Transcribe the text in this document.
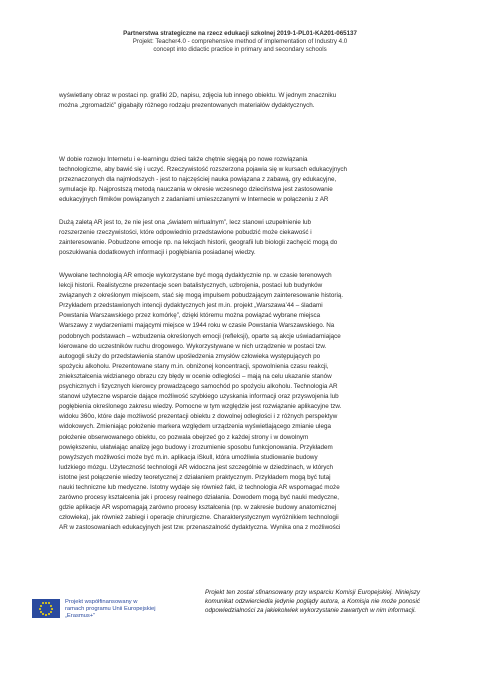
Partnerstwa strategiczne na rzecz edukacji szkolnej 2019-1-PL01-KA201-065137
Projekt: Teacher4.0 - comprehensive method of implementation of Industry 4.0
concept into didactic practice in primary and secondary schools

wyświetlany obraz w postaci np. grafiki 2D, napisu, zdjęcia lub innego obiektu. W jednym znaczniku

można „zgromadzić” gigabajty różnego rodzaju prezentowanych materiałów dydaktycznych.

W dobie rozwoju Internetu i e-learningu dzieci także chętnie sięgają po nowe rozwiązania

technologiczne, aby bawić się i uczyć. Rzeczywistość rozszerzona pojawia się w kursach edukacyjnych

przeznaczonych dla najmłodszych - jest to najczęściej nauka powiązana z zabawą, gry edukacyjne,

symulacje itp. Najprostszą metodą nauczania w okresie wczesnego dzieciństwa jest zastosowanie

edukacyjnych filmików powiązanych z zadaniami umieszczanymi w Internecie w połączeniu z AR

Dużą zaletą AR jest to, że nie jest ona „światem wirtualnym”, lecz stanowi uzupełnienie lub

rozszerzenie rzeczywistości, które odpowiednio przedstawione pobudzić może ciekawość i

zainteresowanie. Pobudzone emocje np. na lekcjach historii, geografii lub biologii zachęcić mogą do

poszukiwania dodatkowych informacji i pogłębiania posiadanej wiedzy.

Wywołane technologią AR emocje wykorzystane być mogą dydaktycznie np. w czasie terenowych

lekcji historii. Realistyczne prezentacje scen batalistycznych, uzbrojenia, postaci lub budynków

związanych z określonym miejscem, stać się mogą impulsem pobudzającym zainteresowanie historią.

Przykładem przedstawionych intencji dydaktycznych jest m.in. projekt „Warszawa’44 – śladami

Powstania Warszawskiego przez komórkę”, dzięki któremu można powiązać wybrane miejsca

Warszawy z wydarzeniami mającymi miejsce w 1944 roku w czasie Powstania Warszawskiego. Na

podobnych podstawach – wzbudzenia określonych emocji (refleksji), oparte są akcje uświadamiające

kierowane do uczestników ruchu drogowego. Wykorzystywane w nich urządzenie w postaci tzw.

autogogli służy do przedstawienia stanów upośledzenia zmysłów człowieka występujących po

spożyciu alkoholu. Prezentowane stany m.in. obniżonej koncentracji, spowolnienia czasu reakcji,

zniekształcenia widzianego obrazu czy błędy w ocenie odległości – mają na celu ukazanie stanów

psychicznych i fizycznych kierowcy prowadzącego samochód po spożyciu alkoholu. Technologia AR

stanowi użyteczne wsparcie dające możliwość szybkiego uzyskania informacji oraz przyswojenia lub

pogłębienia określonego zakresu wiedzy. Pomocne w tym względzie jest rozwiązanie aplikacyjne tzw.

widoku 360o, które daje możliwość prezentacji obiektu z dowolnej odległości i z różnych perspektyw

widokowych. Zmieniając położenie markera względem urządzenia wyświetlającego zmianie ulega

położenie obserwowanego obiektu, co pozwala obejrzeć go z każdej strony i w dowolnym

powiększeniu, ułatwiając analizę jego budowy i zrozumienie sposobu funkcjonowania. Przykładem

powyższych możliwości może być m.in. aplikacja iSkull, która umożliwia studiowanie budowy

ludzkiego mózgu. Użyteczność technologii AR widoczna jest szczególnie w dziedzinach, w których

istotne jest połączenie wiedzy teoretycznej z działaniem praktycznym. Przykładem mogą być tutaj

nauki techniczne lub medyczne. Istotny wydaje się również fakt, iż technologia AR wspomagać może

zarówno procesy kształcenia jak i procesy realnego działania. Dowodem mogą być nauki medyczne,

gdzie aplikacje AR wspomagają zarówno procesy kształcenia (np. w zakresie budowy anatomicznej

człowieka), jak również zabiegi i operacje chirurgiczne. Charakterystycznym wyróżnikiem technologii

AR w zastosowaniach edukacyjnych jest tzw. przenaszalność dydaktyczna. Wynika ona z możliwości

Projekt współfinansowany w
ramach programu Unii Europejskiej
„Erasmus+”
Projekt ten został sfinansowany przy wsparciu Komisji Europejskiej. Niniejszy komunikat odzwierciedla jedynie poglądy autora, a Komisja nie może ponosić odpowiedzialności za jakiekolwiek wykorzystanie zawartych w nim informacji.
